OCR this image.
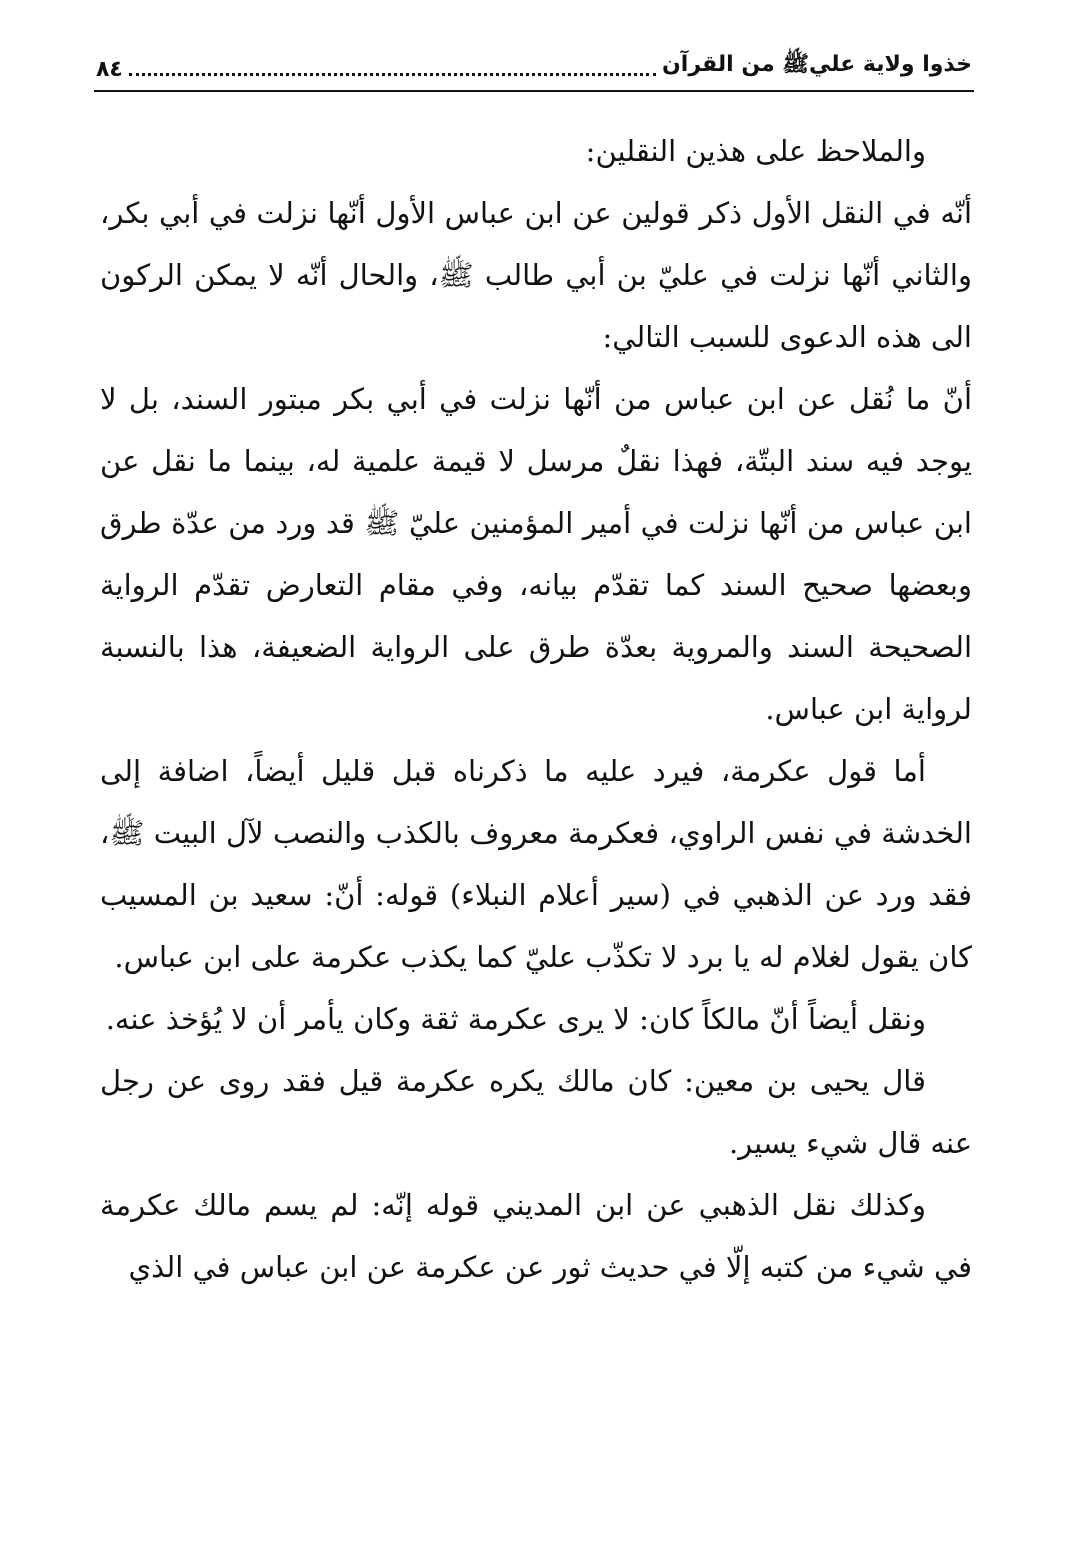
خذوا ولاية عليﷺ من القرآن
٨٤

والملاحظ على هذين النقلين:

أنّه في النقل الأول ذكر قولين عن ابن عباس الأول أنّها نزلت في أبي بكر، والثاني أنّها نزلت في عليّ بن أبي طالب ﷺ، والحال أنّه لا يمكن الركون الى هذه الدعوى للسبب التالي:

أنّ ما نُقل عن ابن عباس من أنّها نزلت في أبي بكر مبتور السند، بل لا يوجد فيه سند البتّة، فهذا نقلٌ مرسل لا قيمة علمية له، بينما ما نقل عن ابن عباس من أنّها نزلت في أمير المؤمنين عليّ ﷺ قد ورد من عدّة طرق وبعضها صحيح السند كما تقدّم بيانه، وفي مقام التعارض تقدّم الرواية الصحيحة السند والمروية بعدّة طرق على الرواية الضعيفة، هذا بالنسبة لرواية ابن عباس.

أما قول عكرمة، فيرد عليه ما ذكرناه قبل قليل أيضاً، اضافة إلى الخدشة في نفس الراوي، فعكرمة معروف بالكذب والنصب لآل البيت ﷺ، فقد ورد عن الذهبي في (سير أعلام النبلاء) قوله: أنّ: سعيد بن المسيب كان يقول لغلام له يا برد لا تكذّب عليّ كما يكذب عكرمة على ابن عباس.

ونقل أيضاً أنّ مالكاً كان: لا يرى عكرمة ثقة وكان يأمر أن لا يُؤخذ عنه.

قال يحيى بن معين: كان مالك يكره عكرمة قيل فقد روى عن رجل عنه قال شيء يسير.

وكذلك نقل الذهبي عن ابن المديني قوله إنّه: لم يسم مالك عكرمة في شيء من كتبه إلّا في حديث ثور عن عكرمة عن ابن عباس في الذي
